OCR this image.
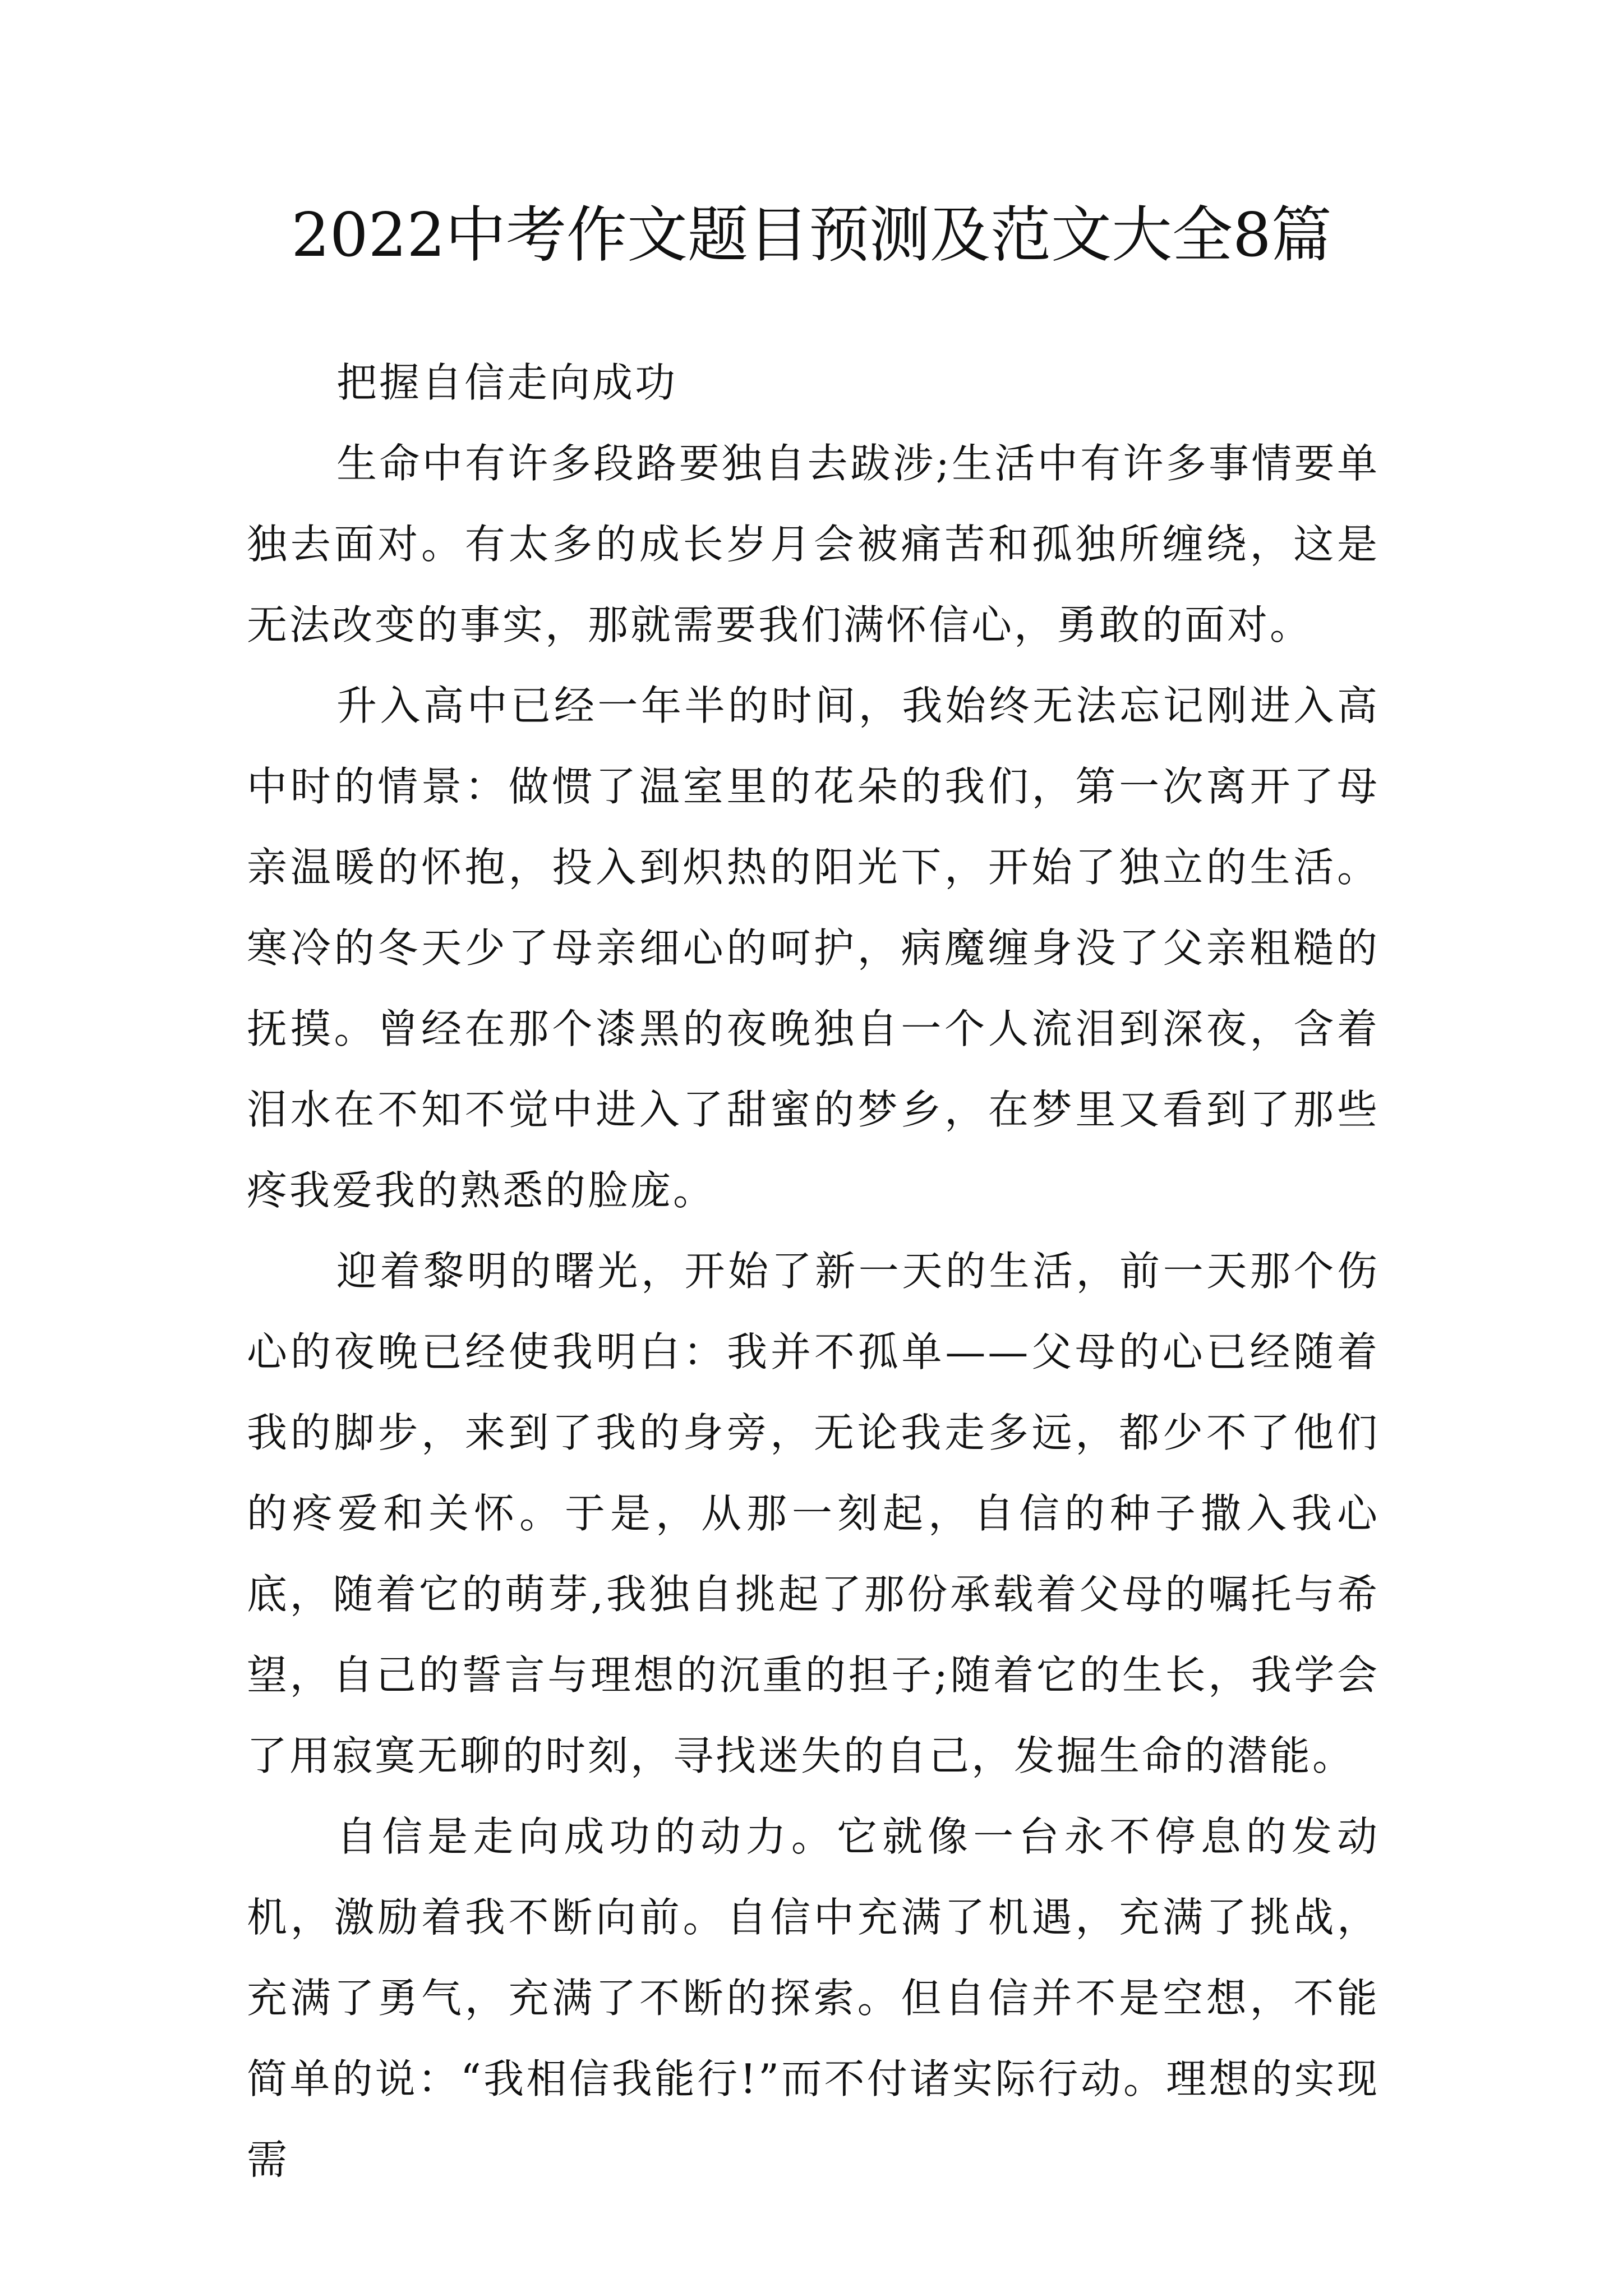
2022中考作文题目预测及范文大全8篇

把握自信走向成功

生命中有许多段路要独自去跋涉;生活中有许多事情要单独去面对。有太多的成长岁月会被痛苦和孤独所缠绕，这是无法改变的事实，那就需要我们满怀信心，勇敢的面对。

升入高中已经一年半的时间，我始终无法忘记刚进入高中时的情景：做惯了温室里的花朵的我们，第一次离开了母亲温暖的怀抱，投入到炽热的阳光下，开始了独立的生活。寒冷的冬天少了母亲细心的呵护，病魔缠身没了父亲粗糙的抚摸。曾经在那个漆黑的夜晚独自一个人流泪到深夜，含着泪水在不知不觉中进入了甜蜜的梦乡，在梦里又看到了那些疼我爱我的熟悉的脸庞。

迎着黎明的曙光，开始了新一天的生活，前一天那个伤心的夜晚已经使我明白：我并不孤单——父母的心已经随着我的脚步，来到了我的身旁，无论我走多远，都少不了他们的疼爱和关怀。于是，从那一刻起，自信的种子撒入我心底，随着它的萌芽,我独自挑起了那份承载着父母的嘱托与希望，自己的誓言与理想的沉重的担子;随着它的生长，我学会了用寂寞无聊的时刻，寻找迷失的自己，发掘生命的潜能。

自信是走向成功的动力。它就像一台永不停息的发动机，激励着我不断向前。自信中充满了机遇，充满了挑战，充满了勇气，充满了不断的探索。但自信并不是空想，不能简单的说：“我相信我能行!”而不付诸实际行动。理想的实现需
